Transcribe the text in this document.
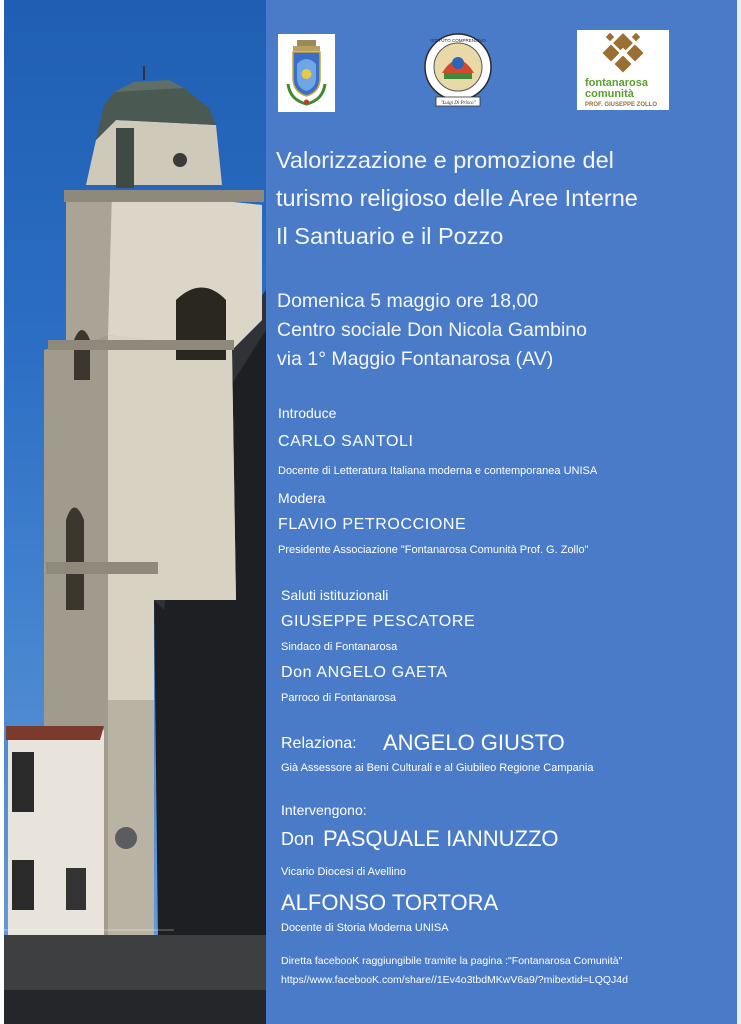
ISTITUTO COMPRENSIVO
"Luigi Di Prisco"
fontanarosa
comunità
PROF. GIUSEPPE ZOLLO
Valorizzazione e promozione del
turismo religioso delle Aree Interne
Il Santuario e il Pozzo
Domenica 5 maggio ore 18,00
Centro sociale Don Nicola Gambino
via 1° Maggio Fontanarosa (AV)
Introduce
CARLO SANTOLI
Docente di Letteratura Italiana moderna e contemporanea UNISA
Modera
FLAVIO PETROCCIONE
Presidente Associazione "Fontanarosa Comunità Prof. G. Zollo"
Saluti istituzionali
GIUSEPPE PESCATORE
Sindaco di Fontanarosa
Don ANGELO GAETA
Parroco di Fontanarosa
Relaziona: ANGELO GIUSTO
Già Assessore ai Beni Culturali e al Giubileo Regione Campania
Intervengono:
Don PASQUALE IANNUZZO
Vicario Diocesi di Avellino
ALFONSO TORTORA
Docente di Storia Moderna UNISA
Diretta facebooK raggiungibile tramite la pagina :"Fontanarosa Comunità"
https//www.facebooK.com/share//1Ev4o3tbdMKwV6a9/?mibextid=LQQJ4d
